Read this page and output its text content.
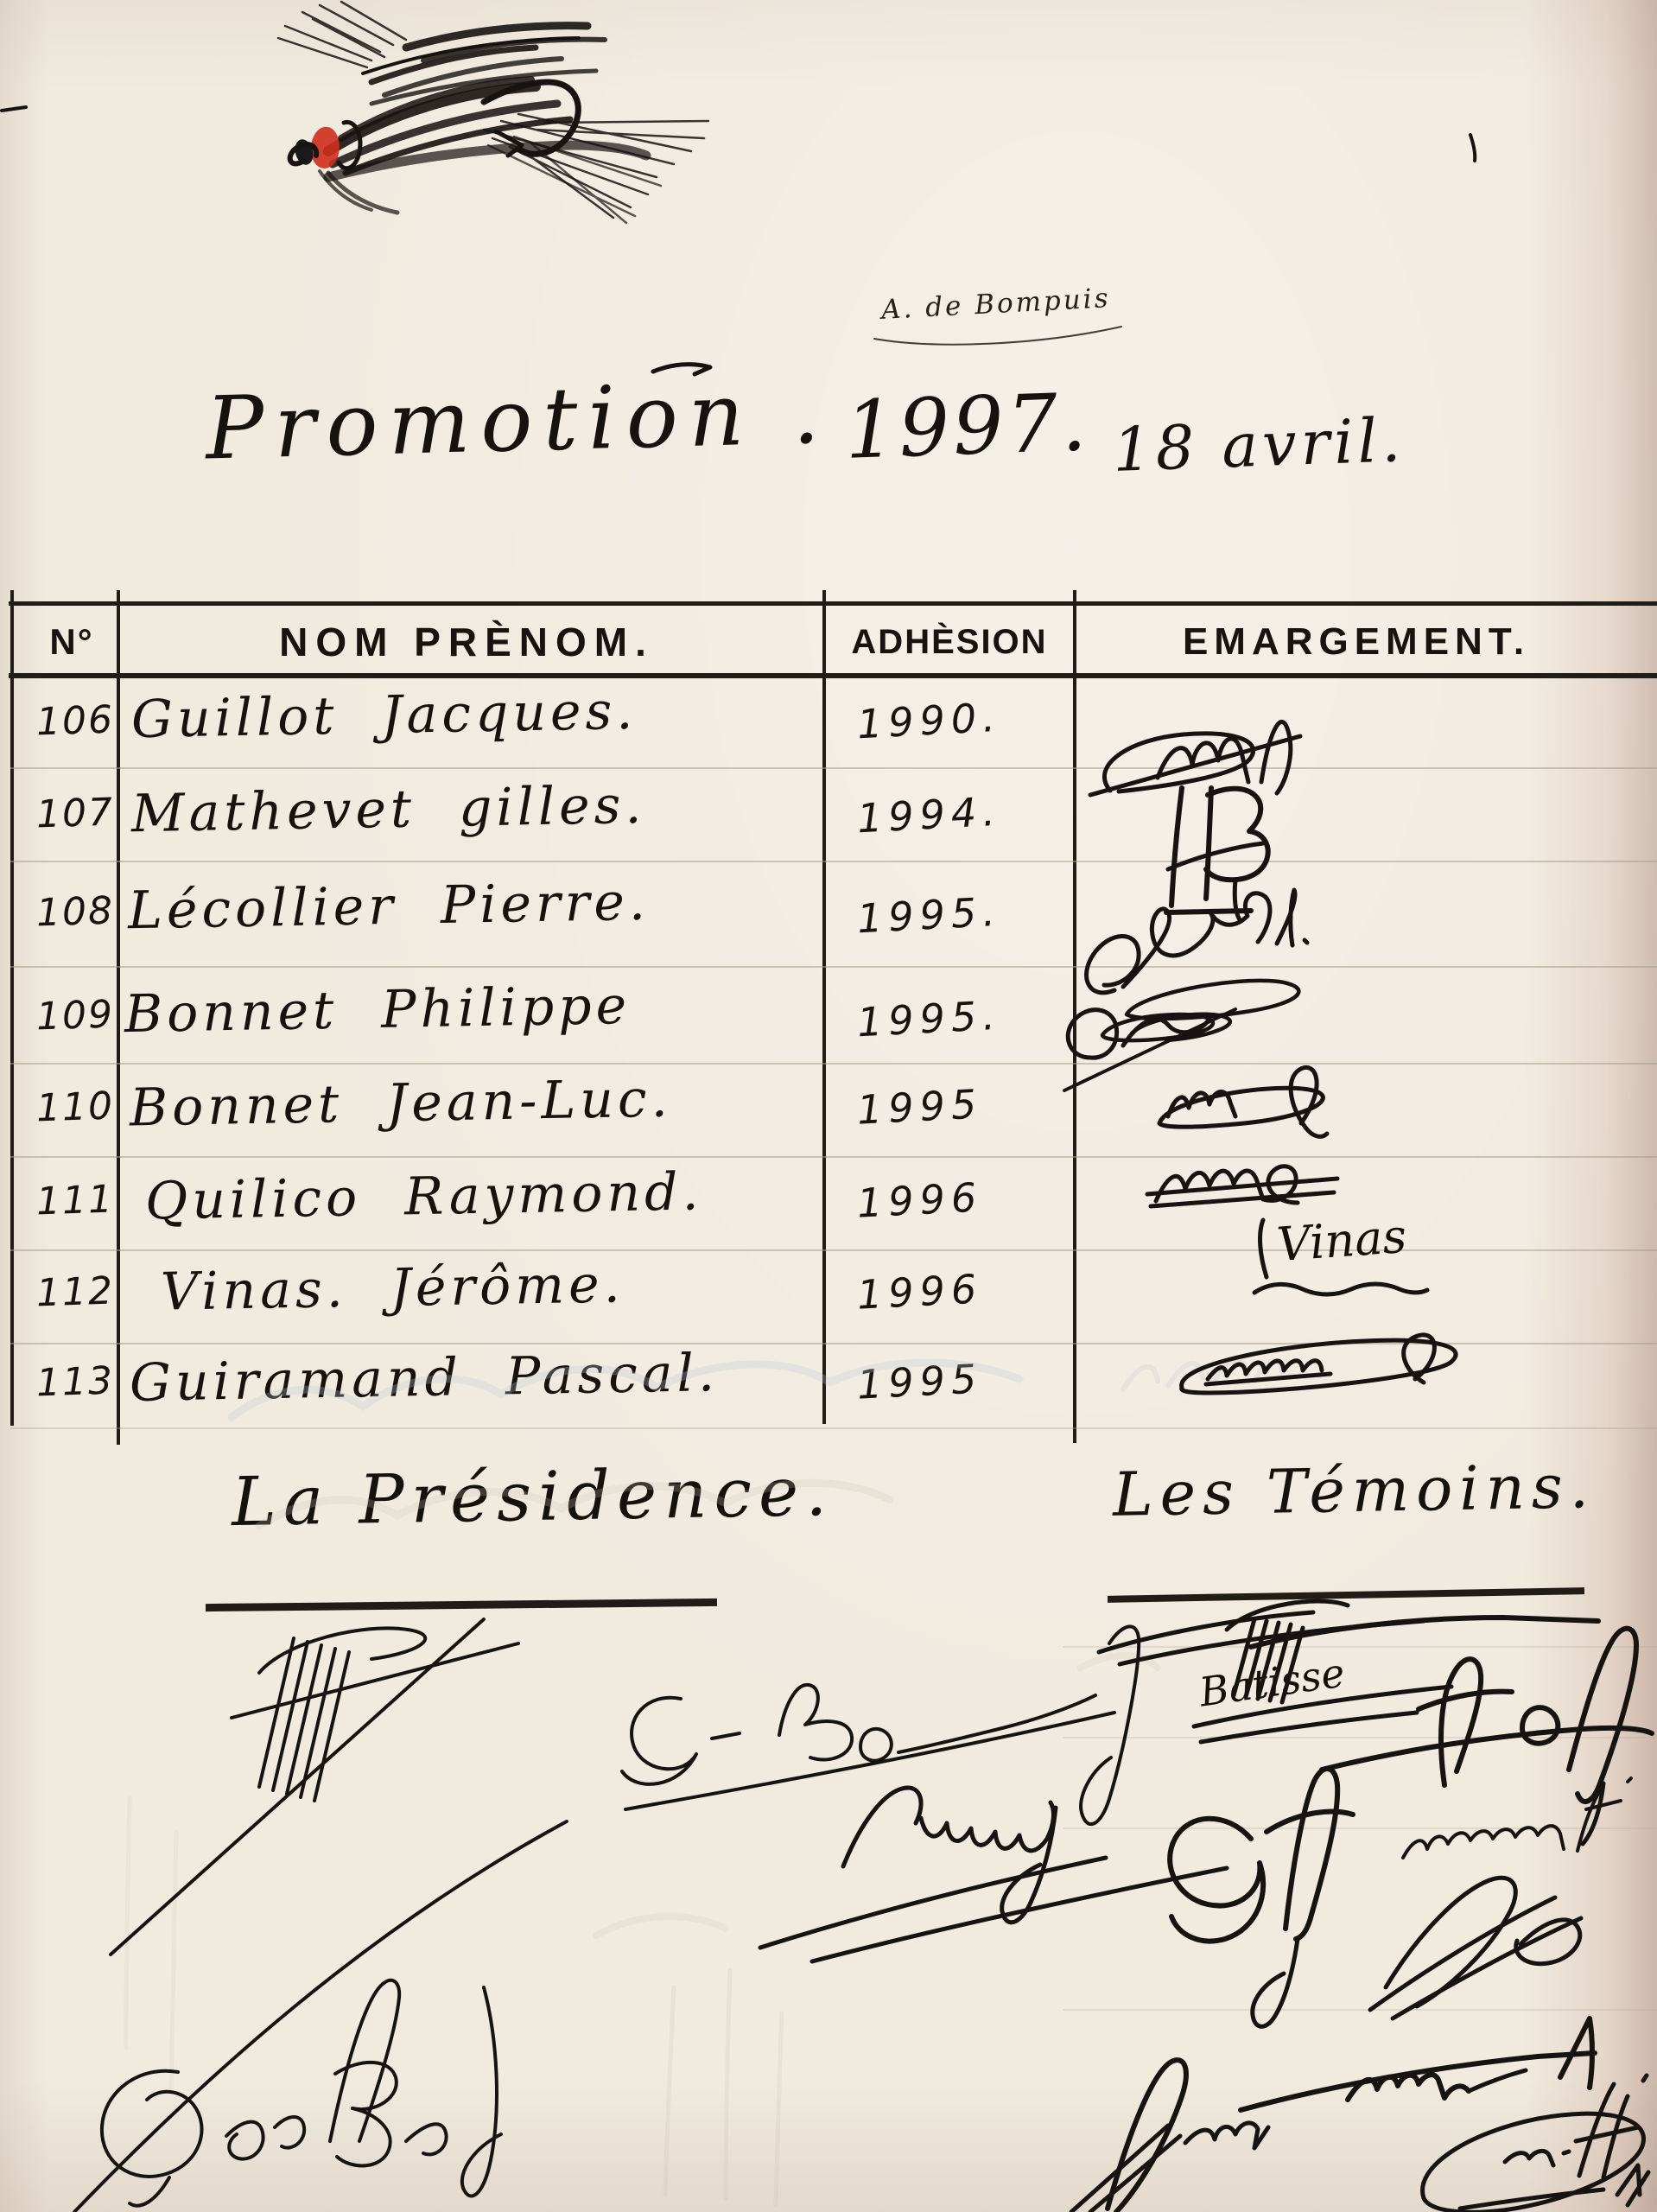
Promotion . 1997. 18 avril.
A. de Bompuis
N°	NOM PRÈNOM.	ADHÈSION	EMARGEMENT.
106 Guillot Jacques.	1990.
107 Mathevet gilles.	1994.
108 Lécollier Pierre.	1995.
109 Bonnet Philippe	1995.
110 Bonnet Jean-Luc.	1995
111 Quilico Raymond.	1996
112 Vinas. Jérôme.	1996
113 Guiramand Pascal.	1995
Vinas
La Présidence.	Les Témoins.
Batisse
